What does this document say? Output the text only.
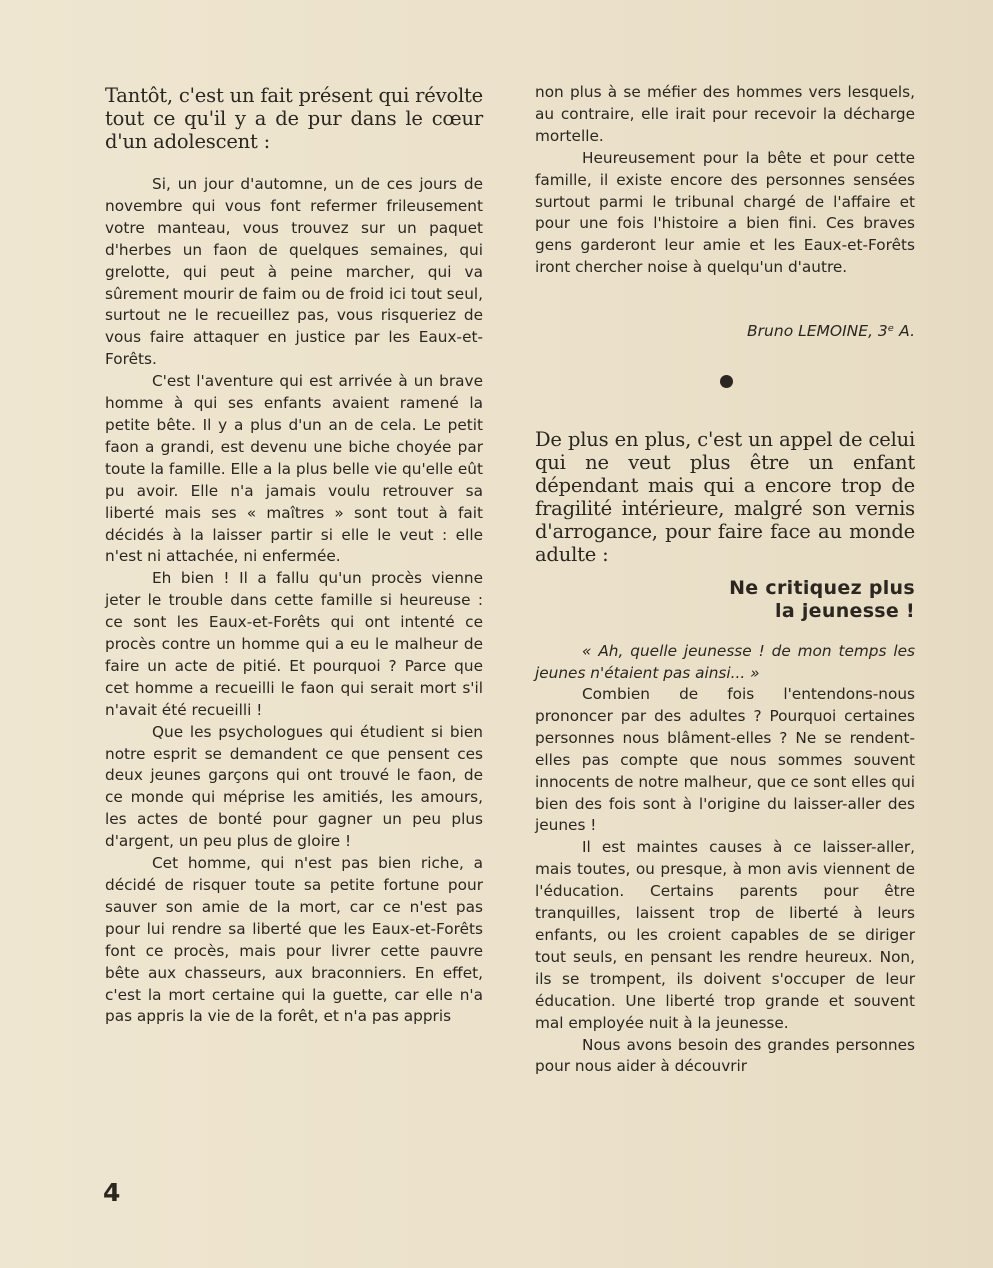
Tantôt, c'est un fait présent qui révolte tout ce qu'il y a de pur dans le cœur d'un adolescent :

Si, un jour d'automne, un de ces jours de novembre qui vous font refermer frileusement votre manteau, vous trouvez sur un paquet d'herbes un faon de quelques semaines, qui grelotte, qui peut à peine marcher, qui va sûrement mourir de faim ou de froid ici tout seul, surtout ne le recueillez pas, vous risqueriez de vous faire attaquer en justice par les Eaux-et-Forêts.

C'est l'aventure qui est arrivée à un brave homme à qui ses enfants avaient ramené la petite bête. Il y a plus d'un an de cela. Le petit faon a grandi, est devenu une biche choyée par toute la famille. Elle a la plus belle vie qu'elle eût pu avoir. Elle n'a jamais voulu retrouver sa liberté mais ses « maîtres » sont tout à fait décidés à la laisser partir si elle le veut : elle n'est ni attachée, ni enfermée.

Eh bien ! Il a fallu qu'un procès vienne jeter le trouble dans cette famille si heureuse : ce sont les Eaux-et-Forêts qui ont intenté ce procès contre un homme qui a eu le malheur de faire un acte de pitié. Et pourquoi ? Parce que cet homme a recueilli le faon qui serait mort s'il n'avait été recueilli !

Que les psychologues qui étudient si bien notre esprit se demandent ce que pensent ces deux jeunes garçons qui ont trouvé le faon, de ce monde qui méprise les amitiés, les amours, les actes de bonté pour gagner un peu plus d'argent, un peu plus de gloire !

Cet homme, qui n'est pas bien riche, a décidé de risquer toute sa petite fortune pour sauver son amie de la mort, car ce n'est pas pour lui rendre sa liberté que les Eaux-et-Forêts font ce procès, mais pour livrer cette pauvre bête aux chasseurs, aux braconniers. En effet, c'est la mort certaine qui la guette, car elle n'a pas appris la vie de la forêt, et n'a pas appris

non plus à se méfier des hommes vers lesquels, au contraire, elle irait pour recevoir la décharge mortelle.

Heureusement pour la bête et pour cette famille, il existe encore des personnes sensées surtout parmi le tribunal chargé de l'affaire et pour une fois l'histoire a bien fini. Ces braves gens garderont leur amie et les Eaux-et-Forêts iront chercher noise à quelqu'un d'autre.

Bruno LEMOINE, 3ᵉ A.

De plus en plus, c'est un appel de celui qui ne veut plus être un enfant dépendant mais qui a encore trop de fragilité intérieure, malgré son vernis d'arrogance, pour faire face au monde adulte :

Ne critiquez plus

la jeunesse !

« Ah, quelle jeunesse ! de mon temps les jeunes n'étaient pas ainsi... »

Combien de fois l'entendons-nous prononcer par des adultes ? Pourquoi certaines personnes nous blâment-elles ? Ne se rendent-elles pas compte que nous sommes souvent innocents de notre malheur, que ce sont elles qui bien des fois sont à l'origine du laisser-aller des jeunes !

Il est maintes causes à ce laisser-aller, mais toutes, ou presque, à mon avis viennent de l'éducation. Certains parents pour être tranquilles, laissent trop de liberté à leurs enfants, ou les croient capables de se diriger tout seuls, en pensant les rendre heureux. Non, ils se trompent, ils doivent s'occuper de leur éducation. Une liberté trop grande et souvent mal employée nuit à la jeunesse.

Nous avons besoin des grandes personnes pour nous aider à découvrir

4
